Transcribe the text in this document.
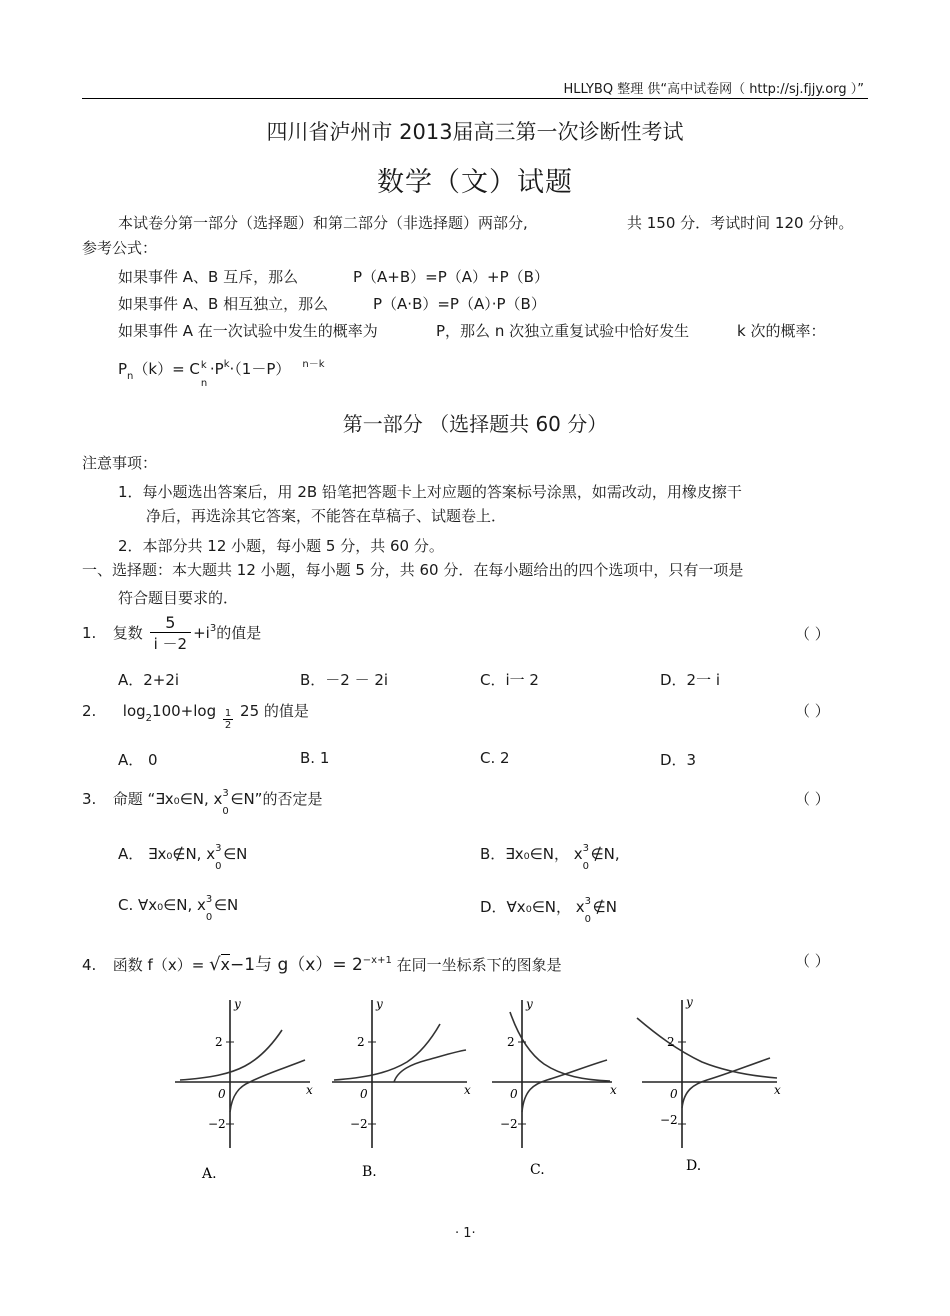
HLLYBQ 整理 供“高中试卷网（ http://sj.fjjy.org ）”
四川省泸州市 2013届高三第一次诊断性考试
数学（文）试题
本试卷分第一部分（选择题）和第二部分（非选择题）两部分,	共 150 分．考试时间 120 分钟。
参考公式：
如果事件 A、B 互斥，那么	P（A+B）=P（A）+P（B）
如果事件 A、B 相互独立，那么	P（A·B）=P（A）·P（B）
如果事件 A 在一次试验中发生的概率为	P，那么 n 次独立重复试验中恰好发生	k 次的概率：
$P_n(k)= C$ k
n
$\cdot P^k\cdot(1-P)$ $^{n-k}$
第一部分 （选择题共 60 分）
注意事项：
1．每小题选出答案后，用 2B 铅笔把答题卡上对应题的答案标号涂黑，如需改动，用橡皮擦干
净后，再选涂其它答案，不能答在草稿子、试题卷上．
2．本部分共 12 小题，每小题 5 分，共 60 分。
一、选择题：本大题共 12 小题，每小题 5 分，共 60 分．在每小题给出的四个选项中，只有一项是
符合题目要求的．
1. 复数 $\frac{5}{i -2} +i^3$的值是	（ ）
A．2+2i	B．－2 － 2i	C．i一 2	D．2一 i
2. $\log_2100+\log \frac{1}{2} 25$ 的值是	（ ）
A． 0	B. 1	C. 2	D．3
3. 命题 “∃x₀∈N, x 3
0
∈N”的否定是	（ ）
A． ∃x₀∉N, x 3
0
∈N	B．∃x₀∈N， x 3
0
∉N,
C. ∀x₀∈N, x 3
0
∈N	D．∀x₀∈N， x 3
0
∉N
4. 函数 f（x）= √x−1与 $g(x)= 2^{-x+1}$ 在同一坐标系下的图象是	（ ）
2
−2
0	x
y
A.
2
−2
0	x
y
B.
2
−2
0	x
y
C.
2
−2
0	x
y
D.
· 1·
